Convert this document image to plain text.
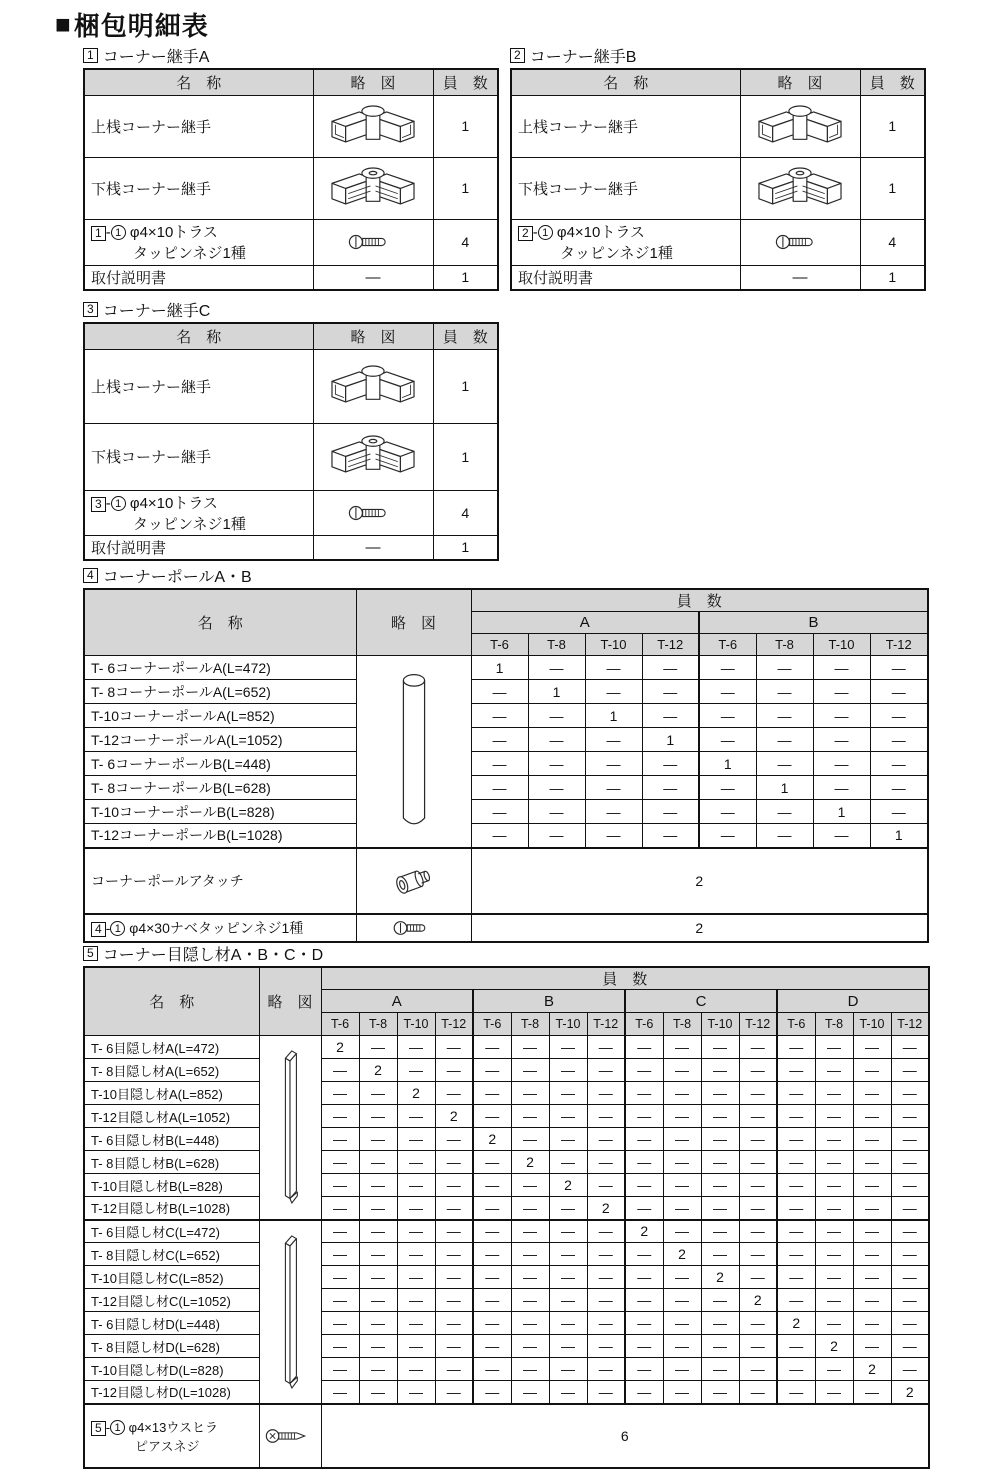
■ 梱包明細表
1 コーナー継手A
名　称	略　図	員　数
上桟コーナー継手		1
下桟コーナー継手		1

1 - 1 φ4×10トラス
タッピンネジ1種		4
取付説明書	—	1
2 コーナー継手B
名　称	略　図	員　数
上桟コーナー継手		1
下桟コーナー継手		1

2 - 1 φ4×10トラス
タッピンネジ1種		4
取付説明書	—	1
3 コーナー継手C
名　称	略　図	員　数
上桟コーナー継手		1
下桟コーナー継手		1

3 - 1 φ4×10トラス
タッピンネジ1種		4
取付説明書	—	1
4 コーナーポールA・B
名　称	略　図	員　数							
		A				B			
		T-6	T-8	T-10	T-12	T-6	T-8	T-10	T-12
T- 6コーナーポールA(L=472)		1	—	—	—	—	—	—	—
T- 8コーナーポールA(L=652)		—	1	—	—	—	—	—	—
T-10コーナーポールA(L=852)		—	—	1	—	—	—	—	—
T-12コーナーポールA(L=1052)		—	—	—	1	—	—	—	—
T- 6コーナーポールB(L=448)		—	—	—	—	1	—	—	—
T- 8コーナーポールB(L=628)		—	—	—	—	—	1	—	—
T-10コーナーポールB(L=828)		—	—	—	—	—	—	1	—
T-12コーナーポールB(L=1028)		—	—	—	—	—	—	—	1
コーナーポールアタッチ		2							

4 - 1 φ4×30ナベタッピンネジ1種		2							
5 コーナー目隠し材A・B・C・D
名　称	略　図	員　数															
		A				B				C				D			
		T-6	T-8	T-10	T-12	T-6	T-8	T-10	T-12	T-6	T-8	T-10	T-12	T-6	T-8	T-10	T-12
T- 6目隠し材A(L=472)		2	—	—	—	—	—	—	—	—	—	—	—	—	—	—	—
T- 8目隠し材A(L=652)		—	2	—	—	—	—	—	—	—	—	—	—	—	—	—	—
T-10目隠し材A(L=852)		—	—	2	—	—	—	—	—	—	—	—	—	—	—	—	—
T-12目隠し材A(L=1052)		—	—	—	2	—	—	—	—	—	—	—	—	—	—	—	—
T- 6目隠し材B(L=448)		—	—	—	—	2	—	—	—	—	—	—	—	—	—	—	—
T- 8目隠し材B(L=628)		—	—	—	—	—	2	—	—	—	—	—	—	—	—	—	—
T-10目隠し材B(L=828)		—	—	—	—	—	—	2	—	—	—	—	—	—	—	—	—
T-12目隠し材B(L=1028)		—	—	—	—	—	—	—	2	—	—	—	—	—	—	—	—
T- 6目隠し材C(L=472)		—	—	—	—	—	—	—	—	2	—	—	—	—	—	—	—
T- 8目隠し材C(L=652)		—	—	—	—	—	—	—	—	—	2	—	—	—	—	—	—
T-10目隠し材C(L=852)		—	—	—	—	—	—	—	—	—	—	2	—	—	—	—	—
T-12目隠し材C(L=1052)		—	—	—	—	—	—	—	—	—	—	—	2	—	—	—	—
T- 6目隠し材D(L=448)		—	—	—	—	—	—	—	—	—	—	—	—	2	—	—	—
T- 8目隠し材D(L=628)		—	—	—	—	—	—	—	—	—	—	—	—	—	2	—	—
T-10目隠し材D(L=828)		—	—	—	—	—	—	—	—	—	—	—	—	—	—	2	—
T-12目隠し材D(L=1028)		—	—	—	—	—	—	—	—	—	—	—	—	—	—	—	2

5 - 1 φ4×13ウスヒラ
ピアスネジ		6															
